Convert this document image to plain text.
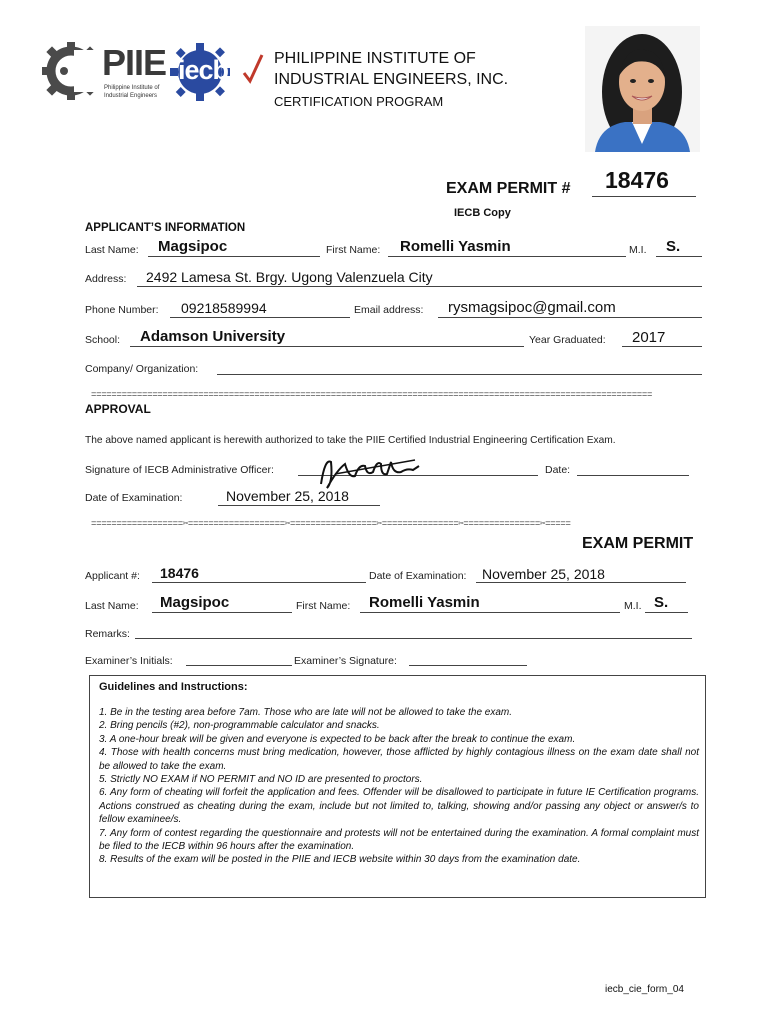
PIIE
Philippine Institute of
Industrial Engineers
iecb	PHILIPPINE INSTITUTE OF
INDUSTRIAL ENGINEERS, INC.
CERTIFICATION PROGRAM
EXAM PERMIT # 18476
IECB Copy
APPLICANT’S INFORMATION
Last Name: Magsipoc	First Name: Romelli Yasmin	M.I. S.
Address: 2492 Lamesa St. Brgy. Ugong Valenzuela City
Phone Number: 09218589994	Email address: rysmagsipoc@gmail.com
School: Adamson University	Year Graduated: 2017
Company/ Organization:
==============================================================================================================
APPROVAL
The above named applicant is herewith authorized to take the PIIE Certified Industrial Engineering Certification Exam.
Signature of IECB Administrative Officer:	Date:
Date of Examination:	November 25, 2018
==================✂===================✂=================✂===============✂===============✂=====
EXAM PERMIT
Applicant #: 18476	Date of Examination: November 25, 2018
Last Name: Magsipoc	First Name: Romelli Yasmin	M.I. S.
Remarks:
Examiner’s Initials:	Examiner’s Signature:
Guidelines and Instructions:
1. Be in the testing area before 7am. Those who are late will not be allowed to take the exam.
2. Bring pencils (#2), non-programmable calculator and snacks.
3. A one-hour break will be given and everyone is expected to be back after the break to continue the exam.
4. Those with health concerns must bring medication, however, those afflicted by highly contagious illness on the exam date shall not be allowed to take the exam.
5. Strictly NO EXAM if NO PERMIT and NO ID are presented to proctors.
6. Any form of cheating will forfeit the application and fees. Offender will be disallowed to participate in future IE Certification programs. Actions construed as cheating during the exam, include but not limited to, talking, showing and/or passing any object or answer/s to fellow examinee/s.
7. Any form of contest regarding the questionnaire and protests will not be entertained during the examination. A formal complaint must be filed to the IECB within 96 hours after the examination.
8. Results of the exam will be posted in the PIIE and IECB website within 30 days from the examination date.
iecb_cie_form_04
